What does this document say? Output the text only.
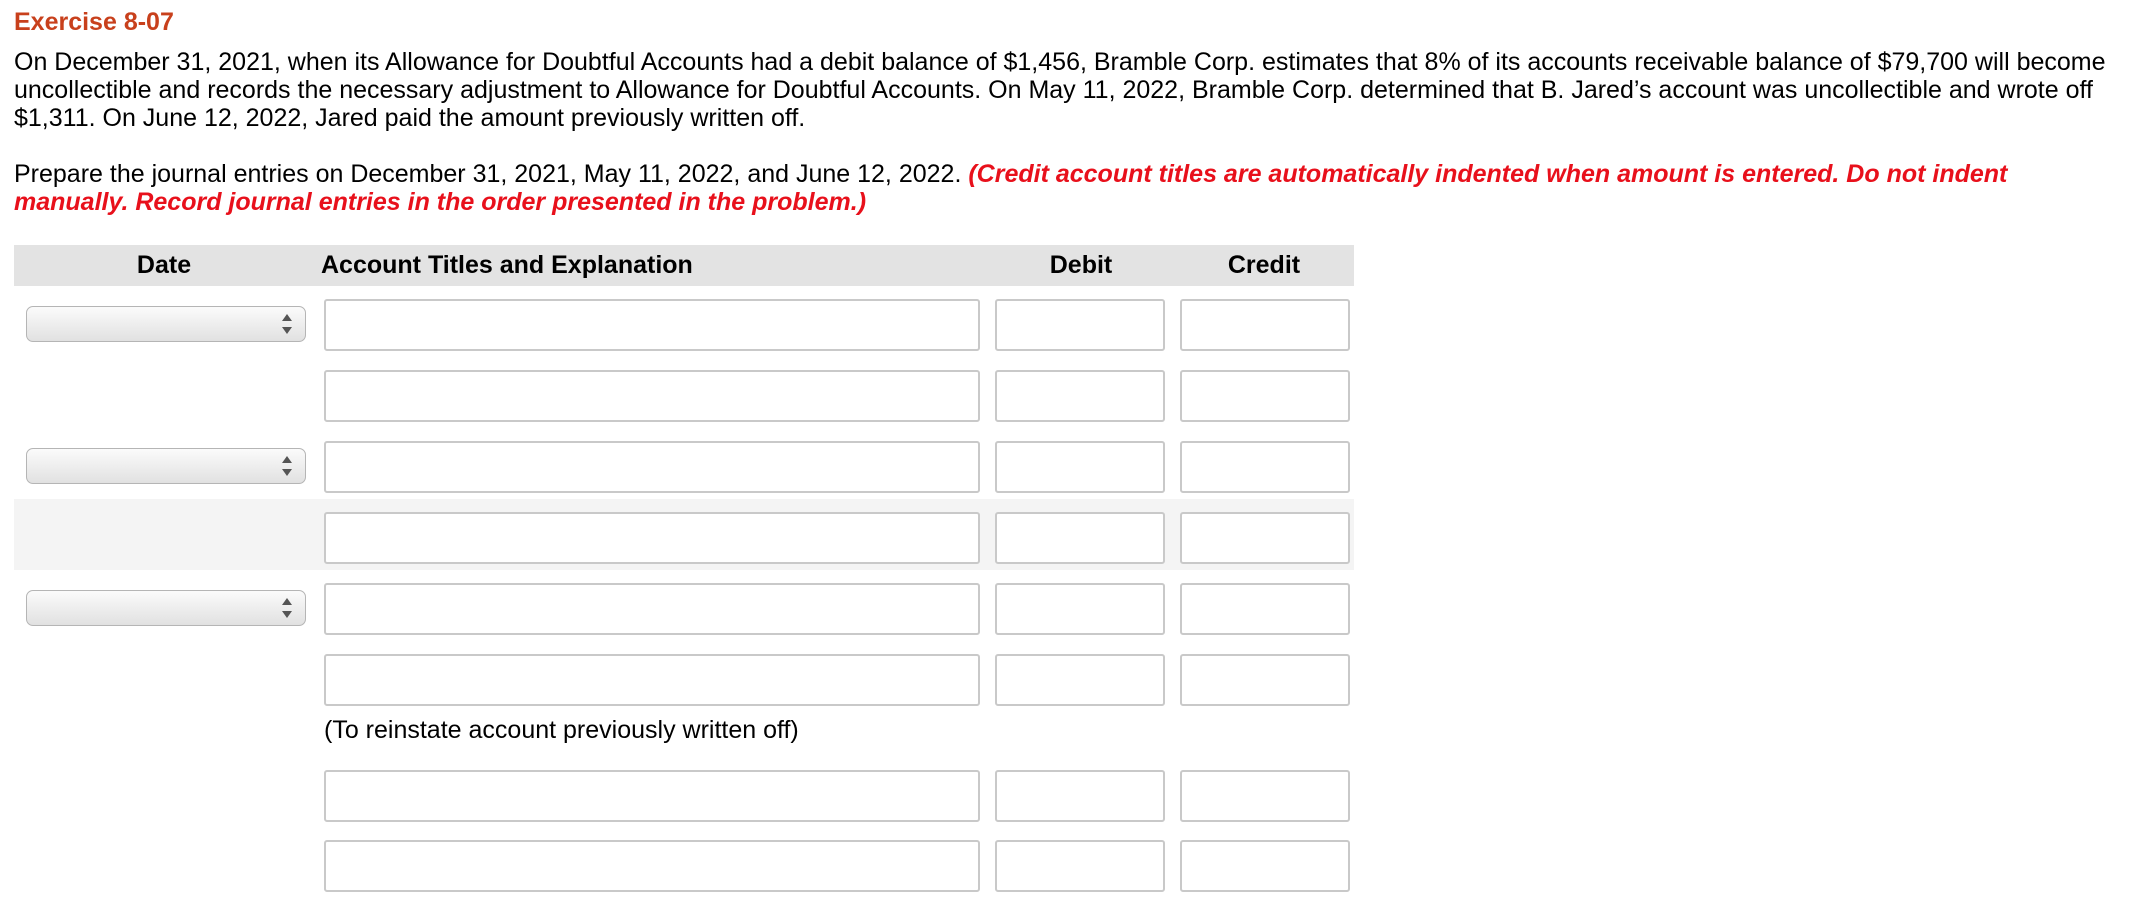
Exercise 8-07
On December 31, 2021, when its Allowance for Doubtful Accounts had a debit balance of $1,456, Bramble Corp. estimates that 8% of its accounts receivable balance of $79,700 will become uncollectible and records the necessary adjustment to Allowance for Doubtful Accounts. On May 11, 2022, Bramble Corp. determined that B. Jared’s account was uncollectible and wrote off $1,311. On June 12, 2022, Jared paid the amount previously written off.
Prepare the journal entries on December 31, 2021, May 11, 2022, and June 12, 2022. (Credit account titles are automatically indented when amount is entered. Do not indent manually. Record journal entries in the order presented in the problem.)
Date	Account Titles and Explanation	Debit	Credit
(To reinstate account previously written off)
